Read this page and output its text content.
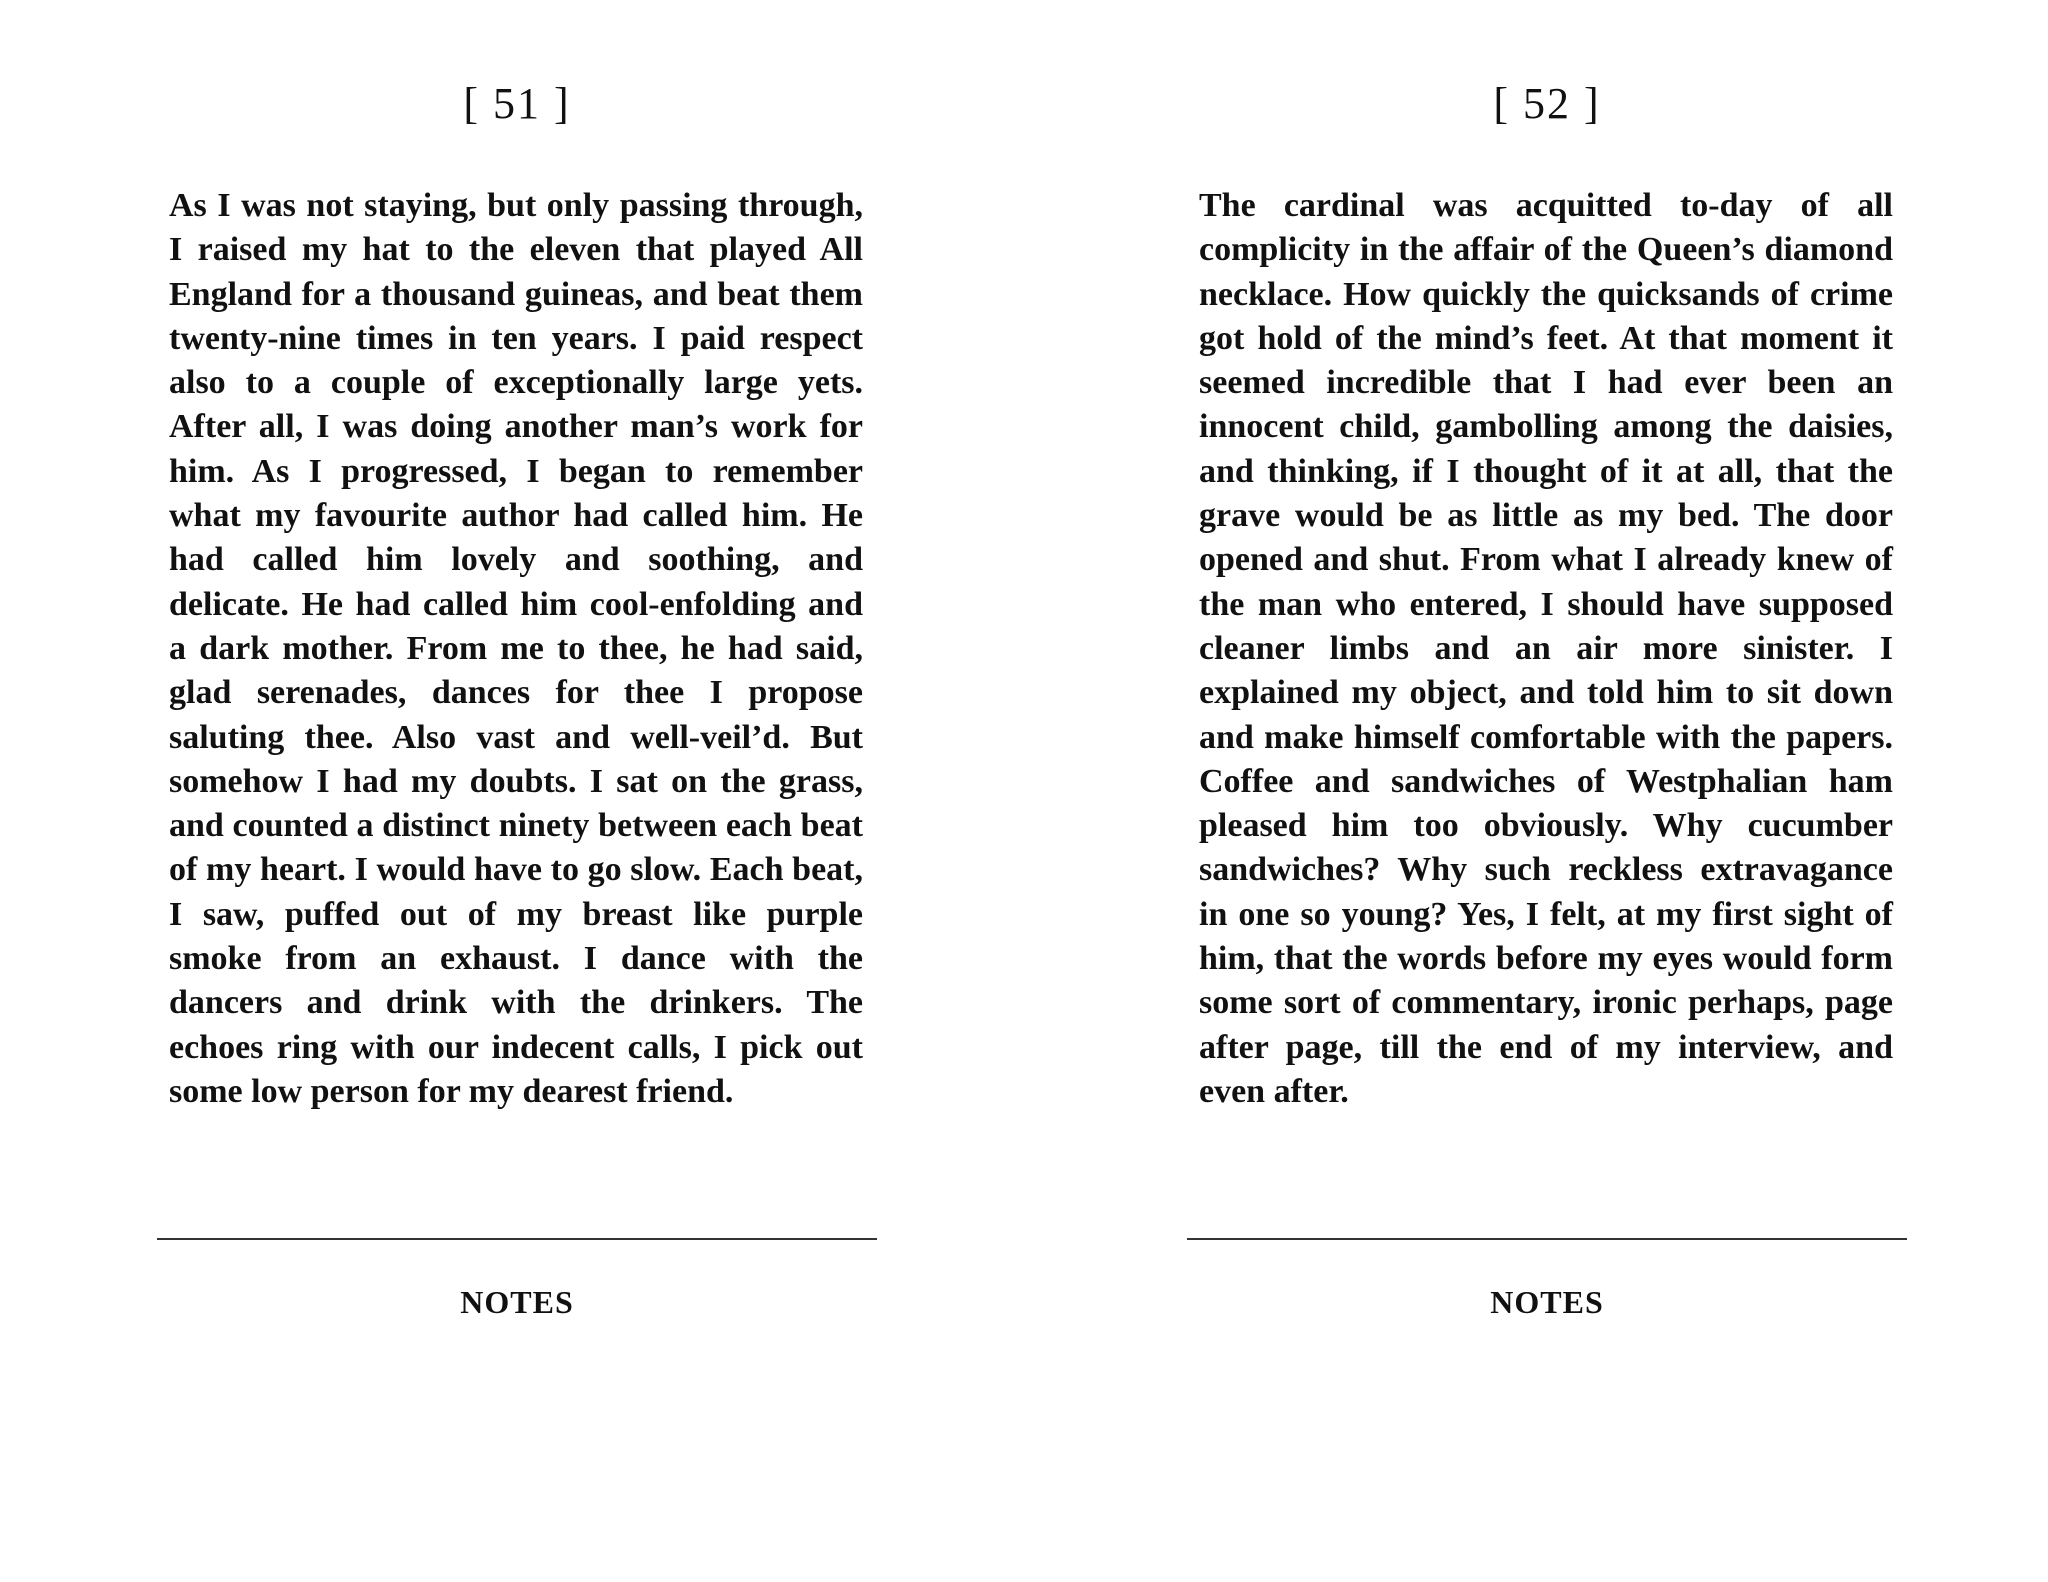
[ 51 ]

As I was not staying, but only passing through, I raised my hat to the eleven that played All England for a thousand guineas, and beat them twenty-nine times in ten years. I paid respect also to a couple of exceptionally large yets. After all, I was doing another man’s work for him. As I progressed, I began to remember what my favourite author had called him. He had called him lovely and soothing, and delicate. He had called him cool-enfolding and a dark mother. From me to thee, he had said, glad serenades, dances for thee I propose saluting thee. Also vast and well-veil’d. But somehow I had my doubts. I sat on the grass, and counted a distinct ninety between each beat of my heart. I would have to go slow. Each beat, I saw, puffed out of my breast like purple smoke from an exhaust. I dance with the dancers and drink with the drinkers. The echoes ring with our indecent calls, I pick out some low person for my dearest friend.

NOTES
[ 52 ]

The cardinal was acquitted to-day of all complicity in the affair of the Queen’s diamond necklace. How quickly the quicksands of crime got hold of the mind’s feet. At that moment it seemed incredible that I had ever been an innocent child, gambolling among the daisies, and thinking, if I thought of it at all, that the grave would be as little as my bed. The door opened and shut. From what I already knew of the man who entered, I should have supposed cleaner limbs and an air more sinister. I explained my object, and told him to sit down and make himself comfortable with the papers. Coffee and sandwiches of Westphalian ham pleased him too obviously. Why cucumber sandwiches? Why such reckless extravagance in one so young? Yes, I felt, at my first sight of him, that the words before my eyes would form some sort of commentary, ironic perhaps, page after page, till the end of my interview, and even after.

NOTES
